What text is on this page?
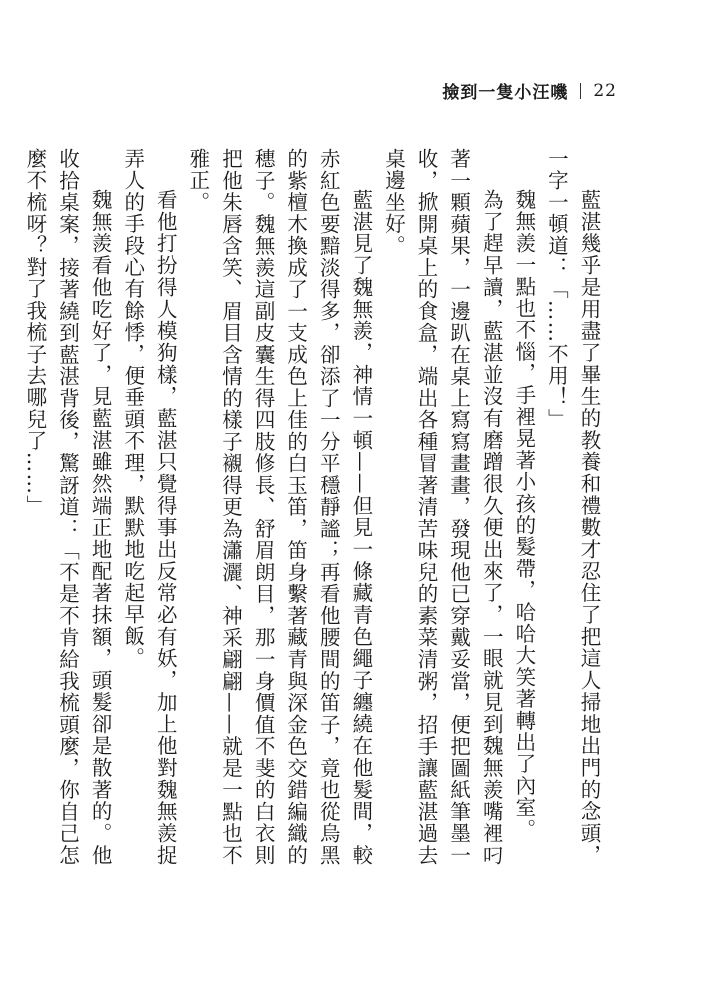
撿到一隻小汪嘰 22

藍湛幾乎是用盡了畢生的教養和禮數才忍住了把這人掃地出門的念頭，一字一頓道：「……不用！」

魏無羨一點也不惱，手裡晃著小孩的髮帶，哈哈大笑著轉出了內室。

為了趕早讀，藍湛並沒有磨蹭很久便出來了，一眼就見到魏無羨嘴裡叼著一顆蘋果，一邊趴在桌上寫寫畫畫，發現他已穿戴妥當，便把圖紙筆墨一收，掀開桌上的食盒，端出各種冒著清苦味兒的素菜清粥，招手讓藍湛過去桌邊坐好。

藍湛見了魏無羨，神情一頓——但見一條藏青色繩子纏繞在他髮間，較赤紅色要黯淡得多，卻添了一分平穩靜謐；再看他腰間的笛子，竟也從烏黑的紫檀木換成了一支成色上佳的白玉笛，笛身繫著藏青與深金色交錯編織的穗子。魏無羨這副皮囊生得四肢修長、舒眉朗目，那一身價值不斐的白衣則把他朱唇含笑、眉目含情的樣子襯得更為瀟灑、神采翩翩——就是一點也不雅正。

看他打扮得人模狗樣，藍湛只覺得事出反常必有妖，加上他對魏無羨捉弄人的手段心有餘悸，便垂頭不理，默默地吃起早飯。

魏無羨看他吃好了，見藍湛雖然端正地配著抹額，頭髮卻是散著的。他收拾桌案，接著繞到藍湛背後，驚訝道：「不是不肯給我梳頭麼，你自己怎麼不梳呀？對了我梳子去哪兒了……」
